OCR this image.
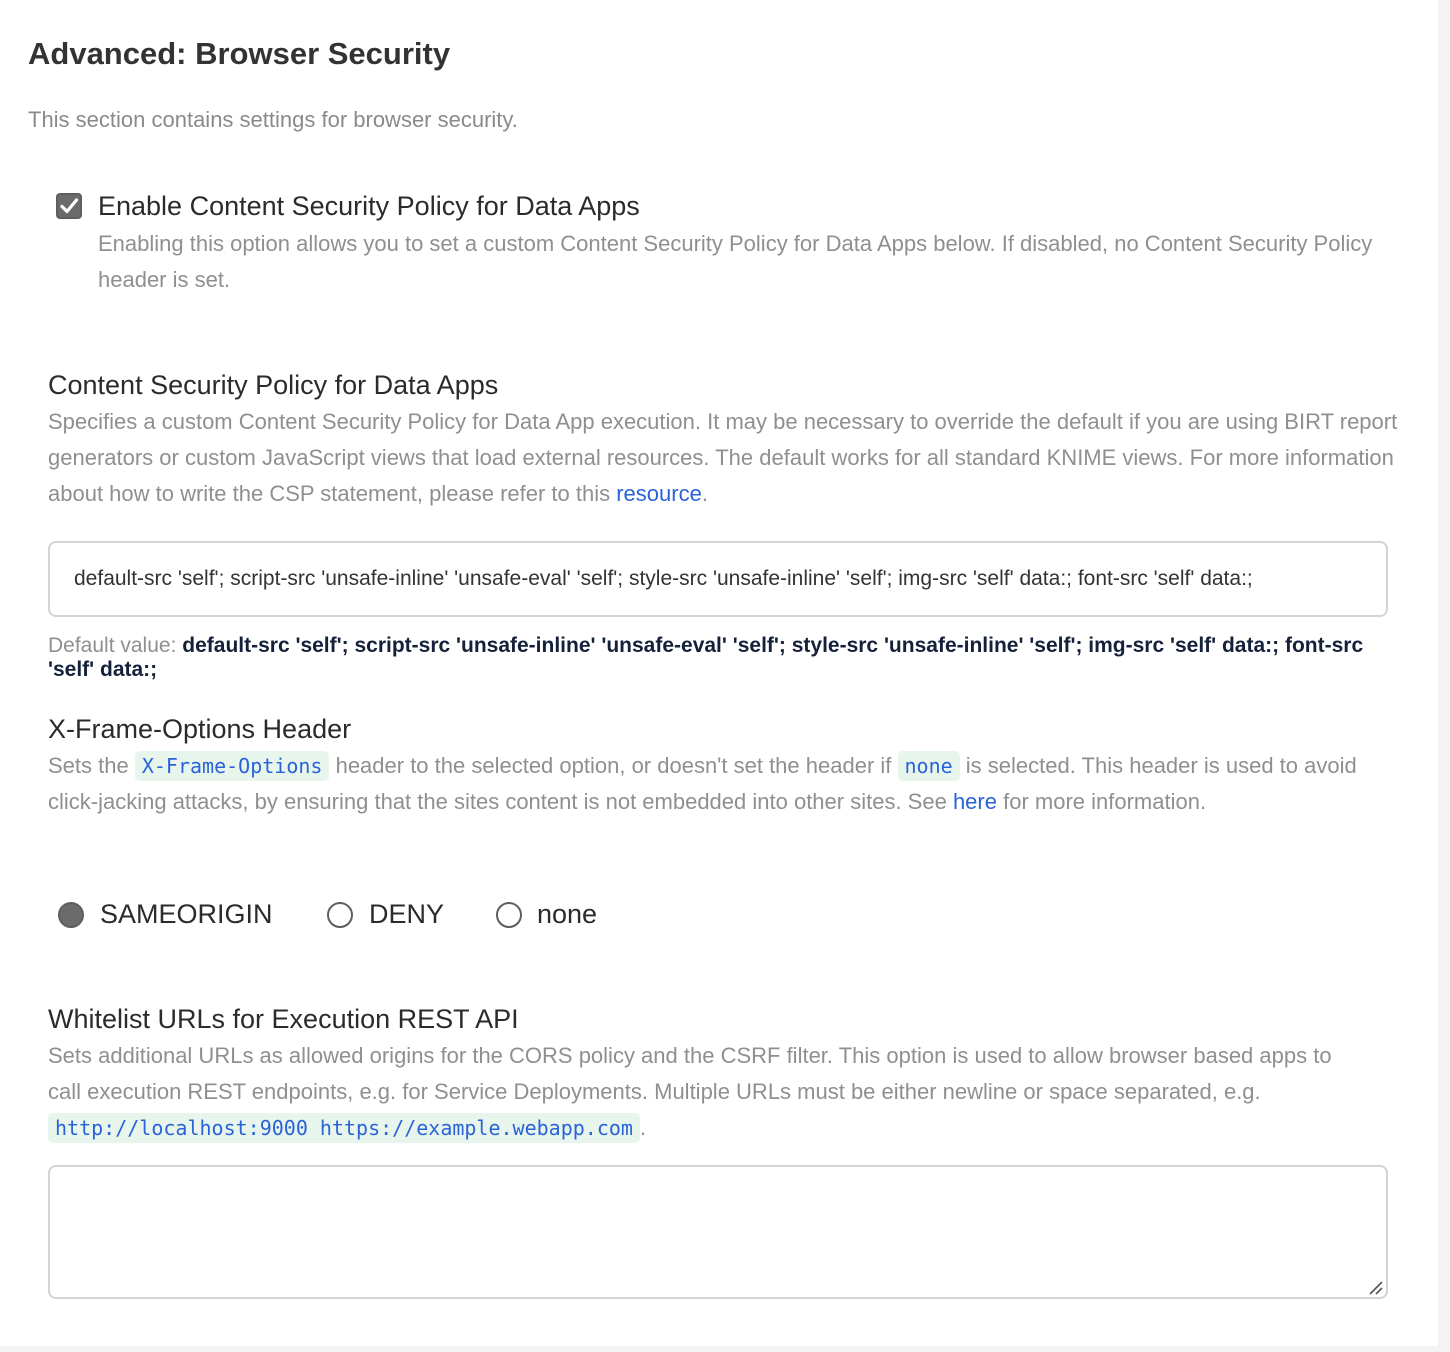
Advanced: Browser Security
This section contains settings for browser security.
Enable Content Security Policy for Data Apps
Enabling this option allows you to set a custom Content Security Policy for Data Apps below. If disabled, no Content Security Policy header is set.
Content Security Policy for Data Apps
Specifies a custom Content Security Policy for Data App execution. It may be necessary to override the default if you are using BIRT report generators or custom JavaScript views that load external resources. The default works for all standard KNIME views. For more information about how to write the CSP statement, please refer to this resource.
default-src 'self'; script-src 'unsafe-inline' 'unsafe-eval' 'self'; style-src 'unsafe-inline' 'self'; img-src 'self' data:; font-src 'self' data:;
Default value: default-src 'self'; script-src 'unsafe-inline' 'unsafe-eval' 'self'; style-src 'unsafe-inline' 'self'; img-src 'self' data:; font-src 'self' data:;
X-Frame-Options Header
Sets the X-Frame-Options header to the selected option, or doesn't set the header if none is selected. This header is used to avoid click-jacking attacks, by ensuring that the sites content is not embedded into other sites. See here for more information.
SAMEORIGIN	DENY	none
Whitelist URLs for Execution REST API
Sets additional URLs as allowed origins for the CORS policy and the CSRF filter. This option is used to allow browser based apps to call execution REST endpoints, e.g. for Service Deployments. Multiple URLs must be either newline or space separated, e.g. http://localhost:9000 https://example.webapp.com .
